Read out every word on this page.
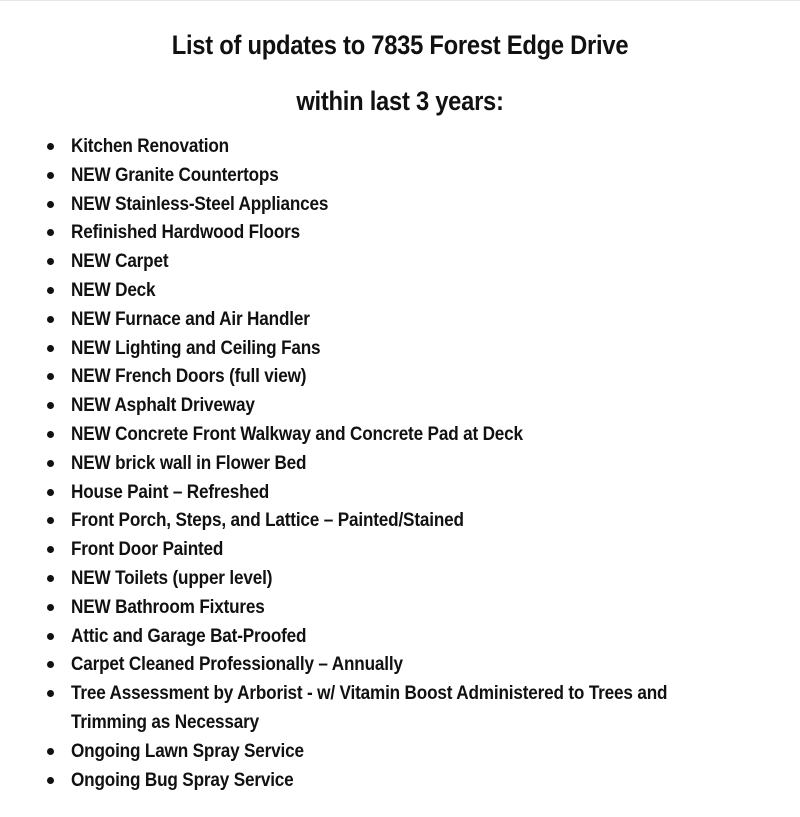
List of updates to 7835 Forest Edge Drive
within last 3 years:
Kitchen Renovation
NEW Granite Countertops
NEW Stainless-Steel Appliances
Refinished Hardwood Floors
NEW Carpet
NEW Deck
NEW Furnace and Air Handler
NEW Lighting and Ceiling Fans
NEW French Doors (full view)
NEW Asphalt Driveway
NEW Concrete Front Walkway and Concrete Pad at Deck
NEW brick wall in Flower Bed
House Paint – Refreshed
Front Porch, Steps, and Lattice – Painted/Stained
Front Door Painted
NEW Toilets (upper level)
NEW Bathroom Fixtures
Attic and Garage Bat-Proofed
Carpet Cleaned Professionally – Annually
Tree Assessment by Arborist - w/ Vitamin Boost Administered to Trees and Trimming as Necessary
Ongoing Lawn Spray Service
Ongoing Bug Spray Service
